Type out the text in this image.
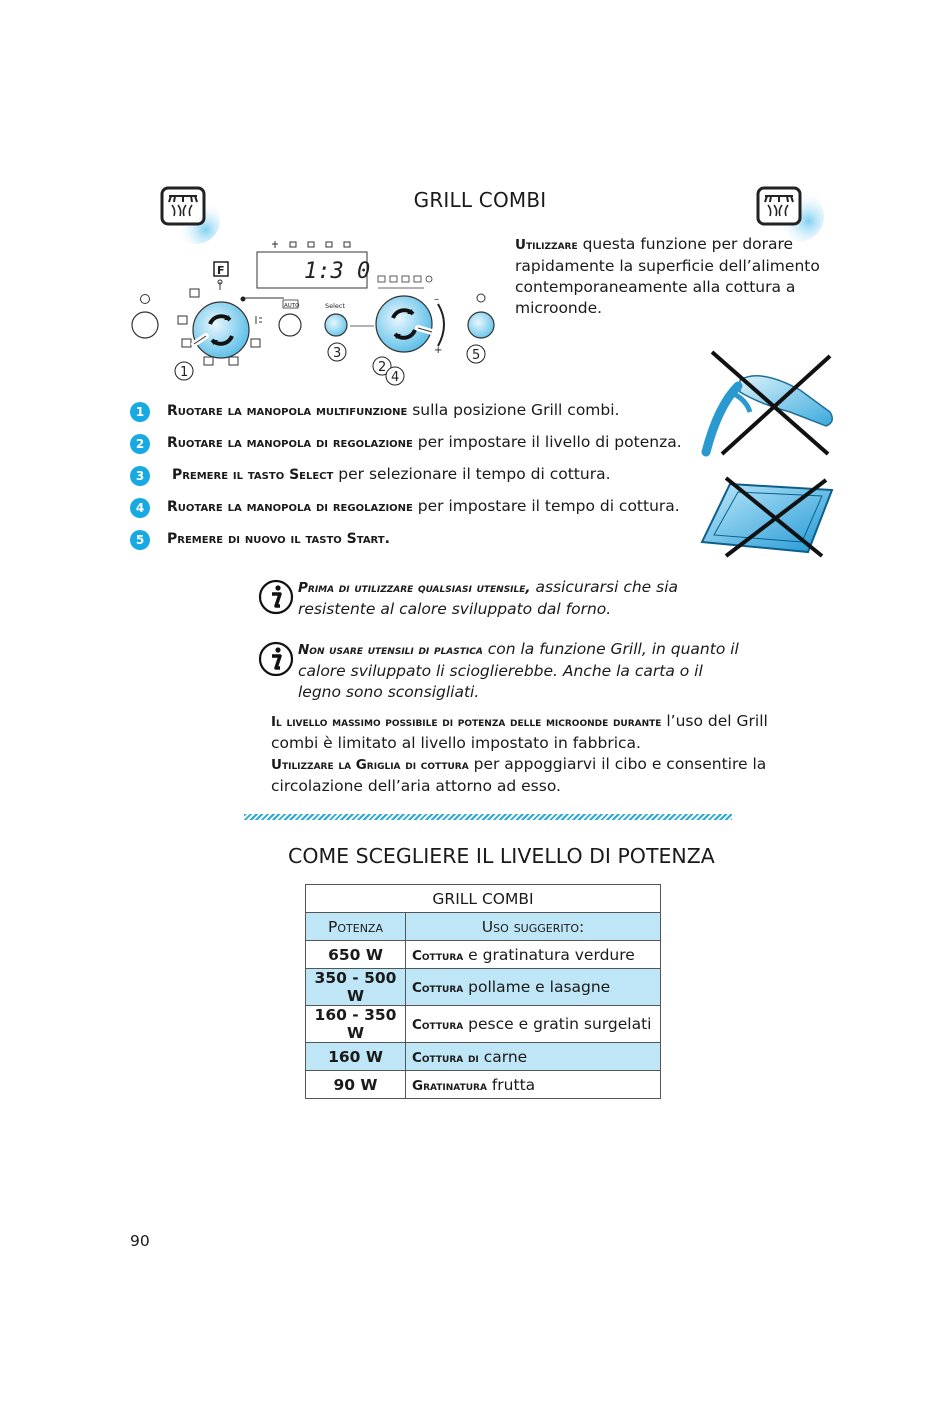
GRILL COMBI
1:3 0
F
AUTO	Select
–
+
1
3
2
4
5
Utilizzare questa funzione per dorare rapidamente la superficie dell’alimento contemporaneamente alla cottura a microonde.
1	Ruotare la manopola multifunzione sulla posizione Grill combi.
2	Ruotare la manopola di regolazione per impostare il livello di potenza.
3	Premere il tasto Select per selezionare il tempo di cottura.
4	Ruotare la manopola di regolazione per impostare il tempo di cottura.
5	Premere di nuovo il tasto Start.
Prima di utilizzare qualsiasi utensile, assicurarsi che sia resistente al calore sviluppato dal forno.
Non usare utensili di plastica con la funzione Grill, in quanto il calore sviluppato li scioglierebbe. Anche la carta o il legno sono sconsigliati.
Il livello massimo possibile di potenza delle microonde durante l’uso del Grill combi è limitato al livello impostato in fabbrica.
Utilizzare la Griglia di cottura per appoggiarvi il cibo e consentire la circolazione dell’aria attorno ad esso.
COME SCEGLIERE IL LIVELLO DI POTENZA
GRILL COMBI	
Potenza	Uso suggerito:
650 W	Cottura e gratinatura verdure
350 - 500 W	Cottura pollame e lasagne
160 - 350 W	Cottura pesce e gratin surgelati
160 W	Cottura di carne
90 W	Gratinatura frutta
90
